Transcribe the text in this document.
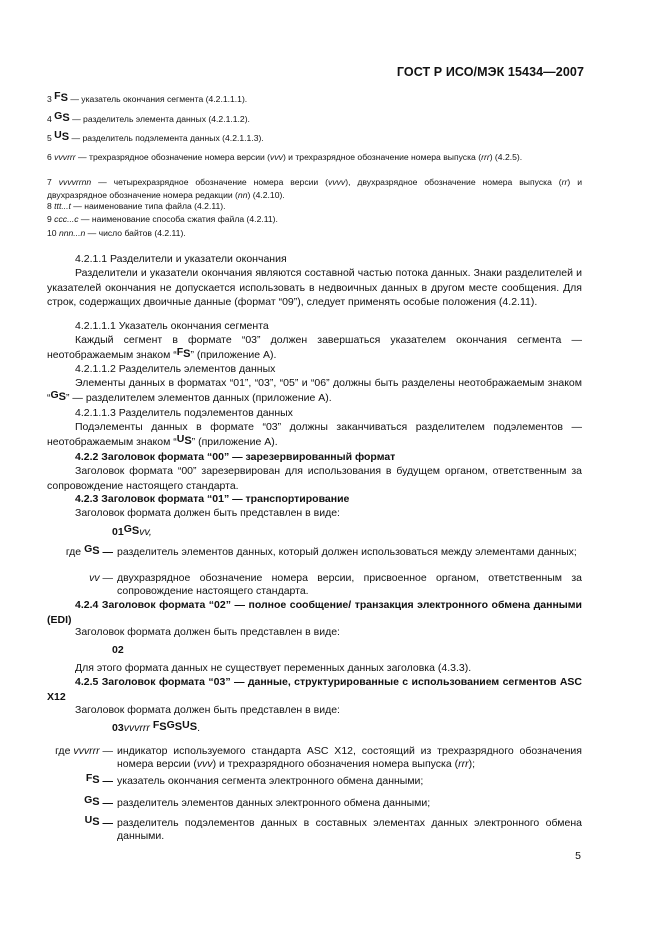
ГОСТ Р ИСО/МЭК 15434—2007
3 FS — указатель окончания сегмента (4.2.1.1.1).
4 GS — разделитель элемента данных (4.2.1.1.2).
5 US — разделитель подэлемента данных (4.2.1.1.3).
6 vvvrrr — трехразрядное обозначение номера версии (vvv) и трехразрядное обозначение номера выпуска (rrr) (4.2.5).
7 vvvvrrnn — четырехразрядное обозначение номера версии (vvvv), двухразрядное обозначение номера выпуска (rr) и двухразрядное обозначение номера редакции (nn) (4.2.10).
8 ttt...t — наименование типа файла (4.2.11).
9 ccc...c — наименование способа сжатия файла (4.2.11).
10 nnn...n — число байтов (4.2.11).
4.2.1.1 Разделители и указатели окончания
Разделители и указатели окончания являются составной частью потока данных. Знаки разделителей и указателей окончания не допускается использовать в недвоичных данных в другом месте сообщения. Для строк, содержащих двоичные данные (формат “09”), следует применять особые положения (4.2.11).
4.2.1.1.1 Указатель окончания сегмента
Каждый сегмент в формате “03” должен завершаться указателем окончания сегмента — неотображаемым знаком “FS” (приложение А).
4.2.1.1.2 Разделитель элементов данных
Элементы данных в форматах “01”, “03”, “05” и “06” должны быть разделены неотображаемым знаком “GS” — разделителем элементов данных (приложение А).
4.2.1.1.3 Разделитель подэлементов данных
Подэлементы данных в формате “03” должны заканчиваться разделителем подэлементов — неотображаемым знаком “US” (приложение А).
4.2.2 Заголовок формата “00” — зарезервированный формат
Заголовок формата “00” зарезервирован для использования в будущем органом, ответственным за сопровождение настоящего стандарта.
4.2.3 Заголовок формата “01” — транспортирование
Заголовок формата должен быть представлен в виде:
01GSvv,
где GS — разделитель элементов данных, который должен использоваться между элементами данных;
vv — двухразрядное обозначение номера версии, присвоенное органом, ответственным за сопровождение настоящего стандарта.
4.2.4 Заголовок формата “02” — полное сообщение/ транзакция электронного обмена данными (EDI)
Заголовок формата должен быть представлен в виде:
02
Для этого формата данных не существует переменных данных заголовка (4.3.3).
4.2.5 Заголовок формата “03” — данные, структурированные с использованием сегментов ASC X12
Заголовок формата должен быть представлен в виде:
03vvvrrr FSGSUS.
где vvvrrr — индикатор используемого стандарта ASC X12, состоящий из трехразрядного обозначения номера версии (vvv) и трехразрядного обозначения номера выпуска (rrr);
FS — указатель окончания сегмента электронного обмена данными;
GS — разделитель элементов данных электронного обмена данными;
US — разделитель подэлементов данных в составных элементах данных электронного обмена данными.
5
